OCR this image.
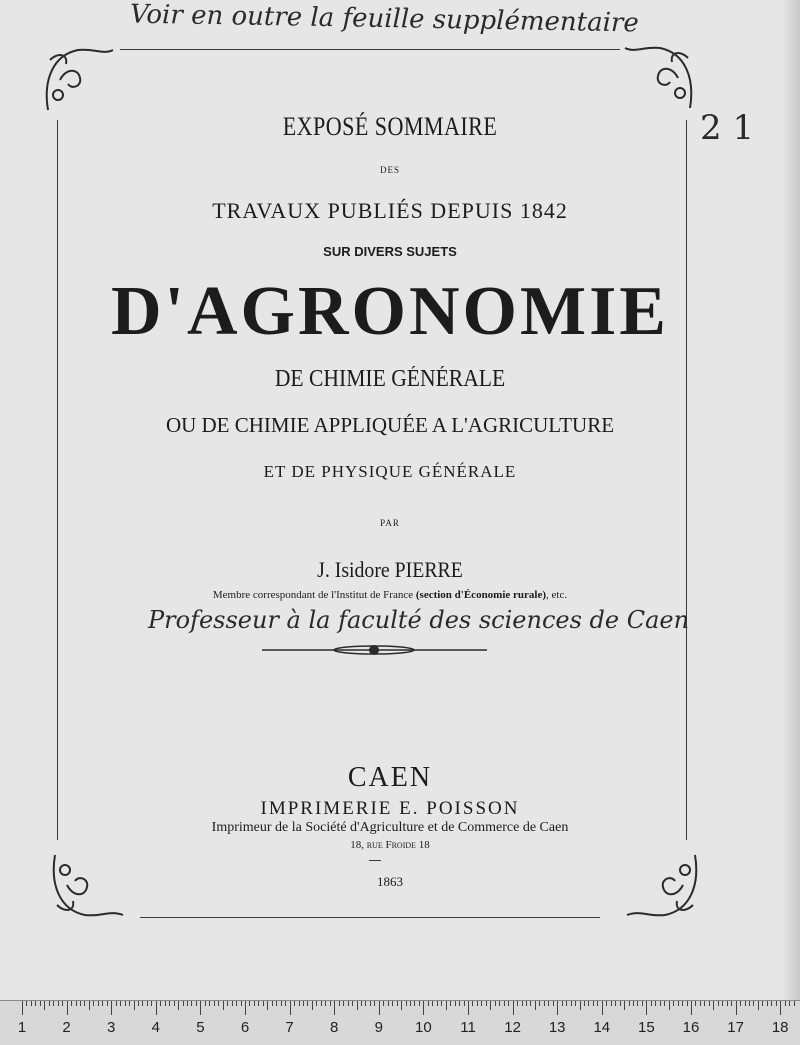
Voir en outre la feuille supplémentaire
2 1
EXPOSÉ SOMMAIRE
DES
TRAVAUX PUBLIÉS DEPUIS 1842
SUR DIVERS SUJETS
D'AGRONOMIE
DE CHIMIE GÉNÉRALE
OU DE CHIMIE APPLIQUÉE A L'AGRICULTURE
ET DE PHYSIQUE GÉNÉRALE
PAR
J. Isidore PIERRE
Membre correspondant de l'Institut de France (section d'Économie rurale), etc.
Professeur à la faculté des sciences de Caen
CAEN
IMPRIMERIE E. POISSON
Imprimeur de la Société d'Agriculture et de Commerce de Caen
18, rue Froide 18
1863
1 2 3 4 5 6 7 8 9 10 11 12 13 14 15 16 17 18
